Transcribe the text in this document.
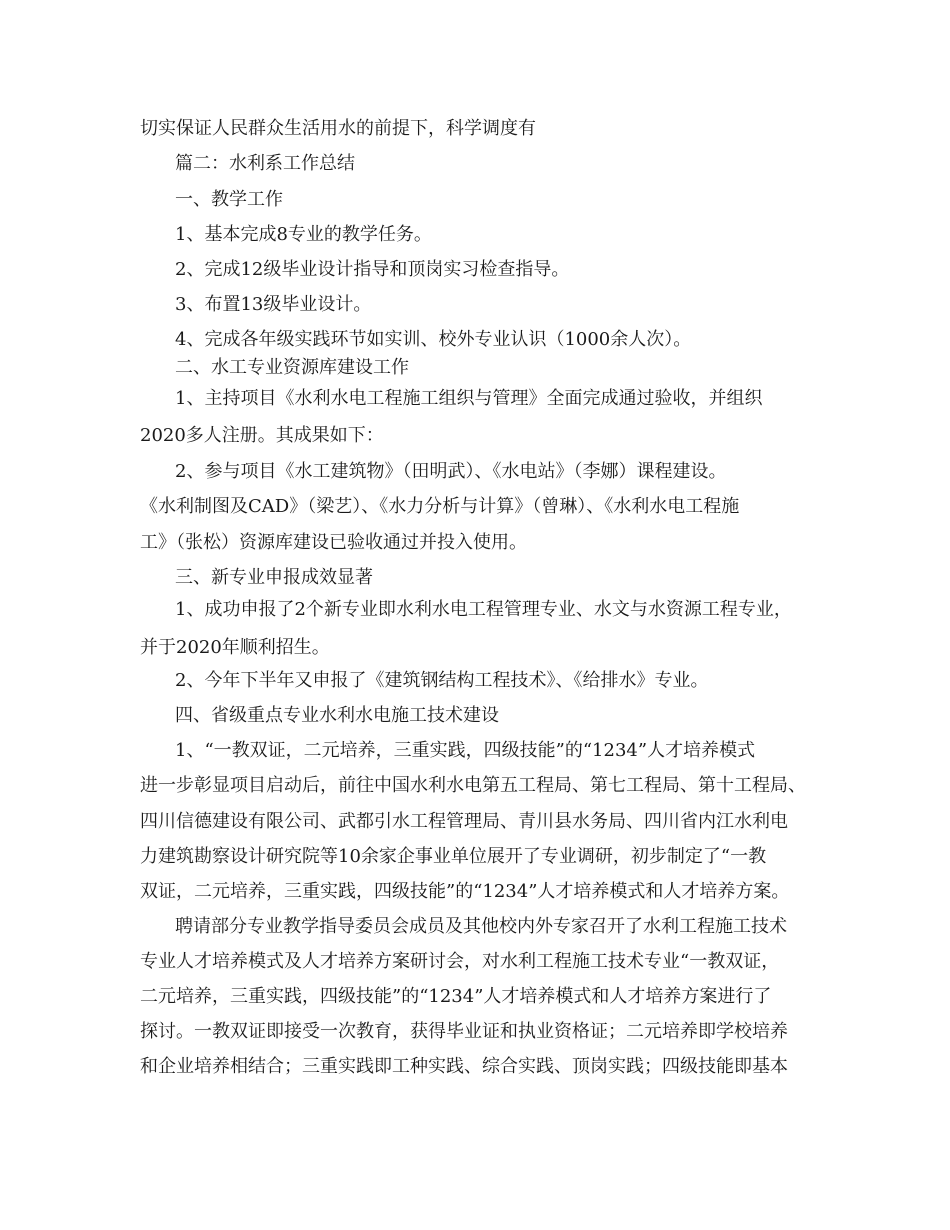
切实保证人民群众生活用水的前提下，科学调度有
篇二：水利系工作总结
一、教学工作
1、基本完成8专业的教学任务。
2、完成12级毕业设计指导和顶岗实习检查指导。
3、布置13级毕业设计。
4、完成各年级实践环节如实训、校外专业认识（1000余人次）。
二、水工专业资源库建设工作
1、主持项目《水利水电工程施工组织与管理》全面完成通过验收，并组织
2020多人注册。其成果如下：
2、参与项目《水工建筑物》（田明武）、《水电站》（李娜）课程建设。
《水利制图及CAD》（梁艺）、《水力分析与计算》（曾琳）、《水利水电工程施
工》（张松）资源库建设已验收通过并投入使用。
三、新专业申报成效显著
1、成功申报了2个新专业即水利水电工程管理专业、水文与水资源工程专业，
并于2020年顺利招生。
2、今年下半年又申报了《建筑钢结构工程技术》、《给排水》专业。
四、省级重点专业水利水电施工技术建设
1、“一教双证，二元培养，三重实践，四级技能”的“1234”人才培养模式
进一步彰显项目启动后，前往中国水利水电第五工程局、第七工程局、第十工程局、
四川信德建设有限公司、武都引水工程管理局、青川县水务局、四川省内江水利电
力建筑勘察设计研究院等10余家企事业单位展开了专业调研，初步制定了“一教
双证，二元培养，三重实践，四级技能”的“1234”人才培养模式和人才培养方案。
聘请部分专业教学指导委员会成员及其他校内外专家召开了水利工程施工技术
专业人才培养模式及人才培养方案研讨会，对水利工程施工技术专业“一教双证，
二元培养，三重实践，四级技能”的“1234”人才培养模式和人才培养方案进行了
探讨。一教双证即接受一次教育，获得毕业证和执业资格证；二元培养即学校培养
和企业培养相结合；三重实践即工种实践、综合实践、顶岗实践；四级技能即基本
